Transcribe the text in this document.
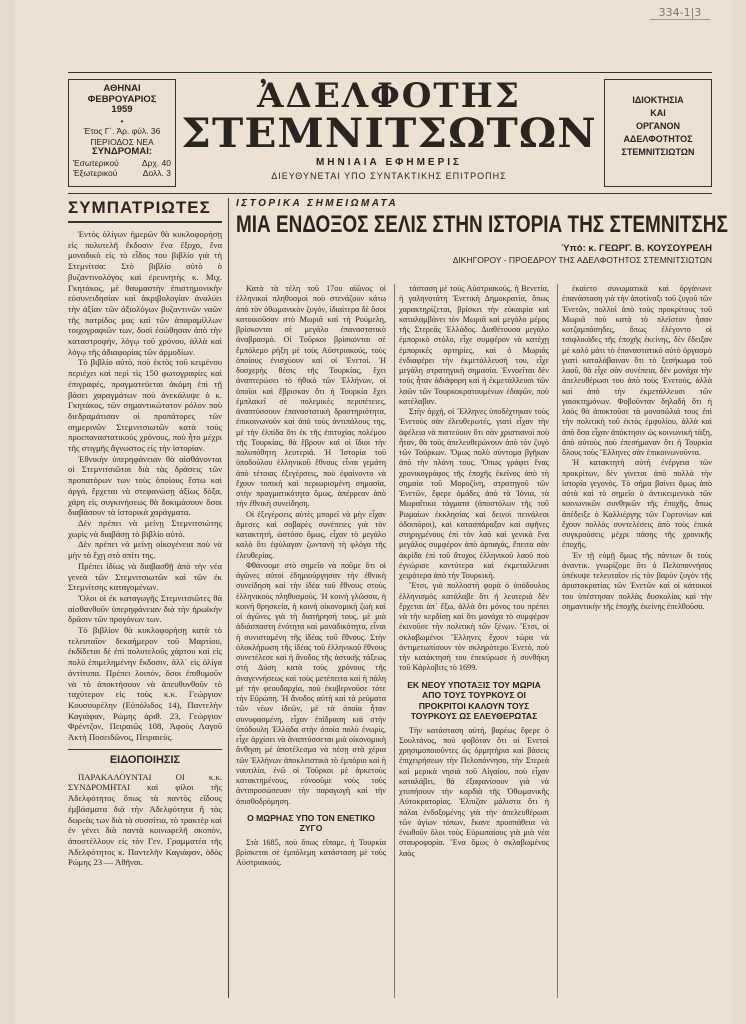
334-1|3
ΑΘΗΝΑΙ
ΦΕΒΡΟΥΑΡΙΟΣ
1959
•
Έτος Γ΄. Άρ. φύλ. 36
ΠΕΡΙΟΔΟΣ ΝΕΑ
ΣΥΝΔΡΟΜΑΙ:
Έσωτερικού	Δρχ. 40
Έξωτερικού	Δολλ. 3
ἈΔΕΛΦΟΤΗΣ
ΣΤΕΜΝΙΤΣΩΤΩΝ
ΜΗΝΙΑΙΑ ΕΦΗΜΕΡΙΣ
ΔΙΕΥΘΥΝΕΤΑΙ ΥΠΟ ΣΥΝΤΑΚΤΙΚΗΣ ΕΠΙΤΡΟΠΗΣ
ΙΔΙΟΚΤΗΣΙΑ
ΚΑΙ
ΟΡΓΑΝΟΝ
ΑΔΕΛΦΟΤΗΤΟΣ
ΣΤΕΜΝΙΤΣΙΩΤΩΝ
ΣΥΜΠΑΤΡΙΩΤΕΣ

Έντὸς ὀλίγων ἡμερῶν θὰ κυκλοφορήσῃ εἰς πολυτελῆ ἔκδοσιν ἕνα ἔξοχο, ἕνα μοναδικὸ εἰς τὸ εἶδος του βιβλίο γιὰ τὴ Στεμνίτσα: Στὸ βιβλίο αὐτὸ ὁ βυζαντινολόγος καὶ ἐρευνητὴς κ. Μιχ. Γκητάκος, μὲ θαυμαστὴν ἐπιστημονικὴν εὐσυνειδησίαν καὶ ἀκριβολογίαν ἀναλύει τὴν ἀξίαν τῶν ἀξιολόγων βυζαντινῶν ναῶν τῆς πατρίδος μας καὶ τῶν ἀπαραμίλλων τοιχογραφιῶν των, δοσὶ ἐσώθησαν ἀπὸ τὴν καταστροφήν, λόγῳ τοῦ χρόνου, ἀλλὰ καὶ λόγῳ τῆς ἀδιαφορίας τῶν ἁρμοδίων.

Τὸ βιβλίο αὐτὸ, ποὺ ἐκτὸς τοῦ κειμένου περιέχει καὶ περὶ τὶς 150 φωτογραφίες καὶ ἐπιγραφές, πραγματεύεται ἀκόμη ἐπὶ τῇ βάσει χαραγμάτων ποὺ ἀνεκάλυψε ὁ κ. Γκητάκος, τῶν σημαντικώτατον ρόλον ποὺ διεδραμάτισαν οἱ προπάτορες τῶν σημερινῶν Στεμνιτσιωτῶν κατὰ τοὺς προεπαναστατικοὺς χρόνους, ποὺ ἦτο μέχρι τῆς στιγμῆς ἄγνωστος εἰς τὴν ἱστορίαν.

Ἐθνικὴν ὑπερηφάνειαν θὰ αἰσθάνονται οἱ Στεμνιτσιῶται διὰ τὰς δράσεις τῶν προπατόρων των τοὺς ὁποίους ἔστω καὶ ἀργά, ἔρχεται νὰ στεφανώσῃ ἀξίως δόξα, χάρη εἰς συγκινήσεως θὰ δοκιμάσουν ὅσοι διαβάσουν τὰ ἱστορικὰ χαράγματα.

Δὲν πρέπει νὰ μείνῃ Στεμνιτσιώτης χωρὶς νὰ διαβάσῃ τὸ βιβλίο αὐτό.

Δὲν πρέπει νὰ μείνῃ οἰκογένεια ποὺ νὰ μὴν τὸ ἔχῃ στὸ σπίτι της.

Πρέπει ἰδίως νὰ διαβασθῇ ἀπὸ τὴν νέα γενεὰ τῶν Στεμνιτσιωτῶν καὶ τῶν ἐκ Στεμνίτσης καταγομένων.

Ὅλοι οἱ ἐκ καταγωγῆς Στεμνιτσιῶτες θὰ αἰσθανθοῦν ὑπερηφάνειαν διὰ τὴν ἡρωϊκὴν δρᾶσιν τῶν προγόνων των.

Τὸ βιβλίον θὰ κυκλοφορήσῃ κατὰ τὸ τελευταῖον δεκαήμερον τοῦ Μαρτίου, ἐκδίδεται δὲ ἐπὶ πολυτελοῦς χάρτου καὶ εἰς πολὺ ἐπιμελημένην ἔκδοσιν, ἀλλ᾽ εἰς ὀλίγα ἀντίτυπα. Πρέπει λοιπόν, ὅσοι ἐπιθυμοῦν νὰ τὸ ἀποκτήσουν νὰ ἀπευθυνθοῦν τὸ ταχύτερον εἰς τοὺς κ.κ. Γεώργιον Κουσουρέλην (Εὐπόλιδος 14), Παντελὴν Καγιάφαν, Ρώμης ἀριθ. 23, Γεώργιον Φρέντζον, Πειραιῶς 108, Ἀφοὺς Λαγοῦ Ἀκτὴ Ποσειδῶνος, Πειραιεὺς.

ΕΙΔΟΠΟΙΗΣΙΣ

ΠΑΡΑΚΑΛΟΥΝΤΑΙ ΟΙ κ.κ. ΣΥΝΔΡΟΜΗΤΑΙ καὶ φίλοι τῆς Ἀδελφότητος ὅπως τὰ παντὸς εἴδους ἐμβάσματα διὰ τὴν Ἀδελφότητα ἢ τὰς δωρεὰς των διὰ τὰ συσσίτια, τὸ τρακτὲρ καὶ ἐν γένει διὰ παντὰ κοινωφελῆ σκοπόν, ἀποστέλλουν εἰς τὸν Γεν. Γραμματέα τῆς Ἀδελφότητος κ. Παντελῆν Καγιάφαν, ὁδὸς Ρώμης 23 — Ἀθῆναι.

ΙΣΤΟΡΙΚΑ ΣΗΜΕΙΩΜΑΤΑ
ΜΙΑ ΕΝΔΟΞΟΣ ΣΕΛΙΣ ΣΤΗΝ ΙΣΤΟΡΙΑ ΤΗΣ ΣΤΕΜΝΙΤΣΗΣ
Ὑπό: κ. ΓΕΩΡΓ. Β. ΚΟΥΣΟΥΡΕΛΗ
ΔΙΚΗΓΟΡΟΥ - ΠΡΟΕΔΡΟΥ ΤΗΣ ΑΔΕΛΦΟΤΗΤΟΣ ΣΤΕΜΝΙΤΣΙΩΤΩΝ

Κατὰ τὰ τέλη τοῦ 17ου αἰῶνος οἱ ἑλληνικοὶ πληθυσμοὶ ποὺ στενάζουν κάτω ἀπὸ τὸν ὀθωμανικὸν ζυγόν, ἰδιαίτερα δὲ ὅσοι κατοικοῦσαν στὸ Μωριᾶ καὶ τὴ Ρούμελη, βρίσκονται σὲ μεγάλο ἐπαναστατικὸ ἀναβρασμό. Οἱ Τοῦρκοι βρίσκονται σὲ ἔμπόλεμο ρήξη μὲ τοὺς Αὐστριακούς, τοὺς ὁποίους ἐνισχύουν καὶ οἱ Ἐνετοί. Ἡ δυσχερὴς θέσις τῆς Τουρκίας, ἔχει ἀναπτερώσει τὸ ἠθικὸ τῶν Ἑλλήνων, οἱ ὁποῖοι καὶ ἔβρισκαν ὅτι ἡ Τουρκία ἔχει ἐμπλακεῖ σὲ πολεμικὲς περιπέτειες, ἀναπτύσσουν ἐπαναστατικὴ δραστηριότητα, ἐπικοινωνοῦν καὶ ἀπὸ τοὺς ἀντιπάλους της, μὲ τὴν ἐλπίδα ὅτι ἐκ τῆς ἐπιτυχίας πολέμου τῆς Τουρκίας, θὰ ἔβρουν καὶ οἱ ἴδιοι τὴν πολυπόθητη λευτεριά. Ἡ Ἱστορία τοῦ ὑποδούλου ἑλληνικοῦ ἔθνους εἶναι γεμάτη ἀπὸ τέτοιας ἐξεγέρσεις, ποὺ ἐφαίνοντο νὰ ἔχουν τοπικὴ καὶ περιωρισμένη σημασία, στὴν πραγματικότητα ὅμως, ἀπέρρεαν ἀπὸ τὴν ἐθνικὴ συνείδηση.

Οἱ ἐξεγέρσεις αὐτὲς μπορεῖ νὰ μὴν εἶχαν ἄμεσες καὶ σοβαρὲς συνέπειες γιὰ τὸν κατακτητή, ὡστόσο ὅμως, εἶχαν τὸ μεγάλο καλὸ ὅτι ἐφύλαγαν ζωντανὴ τὴ φλόγα τῆς ἐλευθερίας.

Φθάνουμε στὸ σημεῖο νὰ ποῦμε ὅτι οἱ ἀγῶνες αὐτοὶ ἐδημιούργησαν τὴν ἐθνικὴ συνείδηση καὶ τὴν ἰδέα τοῦ ἔθνους στοὺς ἑλληνικοὺς πληθυσμούς. Ἡ κοινὴ γλῶσσα, ἡ κοινὴ θρησκεία, ἡ κοινὴ οἰκονομικὴ ζωὴ καὶ οἱ ἀγῶνες γιὰ τὴ διατήρησή τους, μὲ μιὰ ἀδιάσπαστη ἑνότητα καὶ μοναδικότητα, εἶναι ἡ συνισταμένη τῆς ἰδέας τοῦ ἔθνους. Στὴν ὀλοκλήρωση τῆς ἰδέας τοῦ ἑλληνικοῦ ἔθνους συνετέλεσε καὶ ἡ ἄνοδος τῆς ἀστικῆς τάξεως στὴ Δύση κατὰ τοὺς χρόνους τῆς ἀναγεννήσεως καὶ τοὺς μετέπειτα καὶ ἡ πάλη μὲ τὴν φεουδαρχία, ποὺ ἐκυβερνοῦσε τότε τὴν Εὐρώπη. Ἡ ἄνοδος αὐτὴ καὶ τὰ ρεύματα τῶν νέων ἰδεῶν, μὲ τὰ ὁποῖα ἦταν συνυφασμένη, εἶχαν ἐπίδραση καὶ στὴν ὑπόδουλη Ἑλλάδα στὴν ὁποία πολὺ ἐνωρὶς, εἶχε ἀρχίσει νὰ ἀναπτύσσεται μιὰ οἰκονομικὴ ἄνθηση μὲ ἀποτέλεσμα νὰ πέσῃ στὰ χέρια τῶν Ἑλλήνων ἀποκλειστικὰ τὸ ἐμπόριο καὶ ἡ ναυτιλία, ἐνῶ οἱ Τοῦρκοι μὲ ἀρκετοὺς κατακτημένους, εὐνοοῦμε νοὺς τοὺς ἀντιπροσώπευαν τὴν παραγωγὴ καὶ τὴν ὀπισθοδρόμηση.

Ο ΜΩΡΗΑΣ ΥΠΟ ΤΟΝ ΕΝΕΤΙΚΟ ΖΥΓΟ

Στὰ 1685, ποὺ ὅπως εἴπαμε, ἡ Τουρκία βρίσκεται σὲ ἐμπόλεμη κατάσταση μὲ τοὺς Αὐστριακούς.

τάσταση μὲ τοὺς Αὐστριακούς, ἡ Βενετία, ἡ γαληνοτάτη Ἐνετικὴ Δημοκρατία, ὅπως χαρακτηρίζεται, βρίσκει τὴν εὐκαιρία καὶ καταλαμβάνει τὸν Μωριᾶ καὶ μεγάλο μέρος τῆς Στερεᾶς Ἑλλάδος. Διαθέτουσα μεγάλο ἐμπορικὸ στόλο, εἶχε συμφέρον νὰ κατέχῃ ἐμπορικὲς αρτηρίες, καὶ ὁ Μωριᾶς ἐνδιαφέρει τὴν ἐκμετάλλευσή του, εἶχε μεγάλη στρατηγικὴ σημασία. Ἐννοεῖται δὲν τοὺς ἦταν ἀδιάφορη καὶ ἡ ἐκμετάλλευσι τῶν λαῶν τῶν Τουρκοκρατουμένων ἐδαφῶν, ποὺ κατέλαβαν.

Στὴν ἀρχή, οἱ Ἕλληνες ὑποδέχτηκαν τοὺς Ἐνετοὺς σὰν ἐλευθερωτές, γιατὶ εἶχαν τὴν ἀφέλεια νὰ πιστεύουν ὅτι σὰν χριστιανοὶ ποὺ ἦταν, θὰ τοὺς ἀπελευθερώνουν ἀπὸ τὸν ζυγὸ τῶν Τούρκων. Ὅμως πολὺ σύντομα βγῆκαν ἀπὸ τὴν πλάνη τους. Ὅπως γράφει ἕνας χρονικογράφος τῆς ἐποχῆς ἐκεῖνος ἀπὸ τὴ σημαία τοῦ Μοροζίνη, στρατηγοῦ τῶν Ἐνετῶν, ἔφερε ὁμάδες ἀπὸ τὰ Ἰόνια, τὰ Μωραΐτικα τάγματα (ἀποστόλων τῆς τοῦ Ρωμαίων ἐκκλησίας καὶ δεινοὶ πεινάλεοι ὀδοιπόροι), καὶ κατασπάραξαν καὶ σφῆνες στηριγμένους ἐπὶ τὸν λαὸ καὶ γενικὰ ἕνα μεγάλος συμφέρον ἀπὸ ἁρπαγάς, ἔπειτα σὰν ἀκρίδα ἐπὶ τοῦ ἄτυχος ἑλληνικοῦ λαοῦ ποὺ ἐγνώρισε κοντύτερα καὶ ἐκμεταλλευσι χειρότερα ἀπὸ τὴν Τουρκική.

Ἔτσι, γιὰ πολλοστὴ φορὰ ὁ ὑπόδουλος ἑλληνισμὸς κατάλαβε ὅτι ἡ λευτεριὰ δὲν ἔρχεται ἀπ᾽ ἔξω, ἀλλὰ ὅτι μόνος του πρέπει νὰ τὴν κερδίσῃ καὶ ὅτι μονάχα τὸ συμφέρον ἐκινοῦσε τὴν πολιτικὴ τῶν ξένων. Ἔτσι, οἱ σκλαβωμένοι Ἕλληνες ἔχουν τώρα νὰ ἀντιμετωπίσουν τὸν σκληρότερο Ἐνετό, ποὺ τὴν κατάκτησή του ἐπεκύρωσε ἡ συνθήκη τοῦ Κάρλοβιτς τὸ 1699.

ΕΚ ΝΕΟΥ ΥΠΟΤΑΞΙΣ ΤΟΥ ΜΩΡΙΑ ΑΠΟ ΤΟΥΣ ΤΟΥΡΚΟΥΣ ΟΙ ΠΡΟΚΡΙΤΟΙ ΚΑΛΟΥΝ ΤΟΥΣ ΤΟΥΡΚΟΥΣ ΩΣ ΕΛΕΥΘΕΡΩΤΑΣ

Τὴν κατάσταση αὐτή, βαρέως ἔφερε ὁ Σουλτάνος, ποὺ φοβόταν ὅτι οἱ Ἐνετοὶ χρησιμοποιοῦντες ὡς ὁρμητήρια καὶ βάσεις ἐπιχειρήσεων τὴν Πελοπόννησο, τὴν Στερεὰ καὶ μερικὰ νησιὰ τοῦ Αἰγαίου, ποὺ εἶχαν καταλάβει, θὰ ἐξαφανίσουν γιὰ νὰ χτυπήσουν τὴν καρδιὰ τῆς Ὀθωμανικῆς Αὐτοκρατορίας. Ἐλπιζαν μάλιστα ὅτι ἡ πάλαι ἐνδοξομένης γιὰ τὴν ἀπελευθέρωσι τῶν ἁγίων τόπων, ἔκανε προσπάθεια νὰ ἐνωθοῦν ὅλοι τοὺς Εὐρωπαίους γιὰ μιὰ νέα σταυροφορία. Ἕνα ὅμως ὁ σκλαβωμένος λαὸς

ἐκαίετο συνωματικὰ καὶ ὀργάνωνε ἐπανάσταση γιὰ τὴν ἀποτίναξι τοῦ ζυγοῦ τῶν Ἐνετῶν, πολλοὶ ἀπὸ τοὺς προκρίτους τοῦ Μωριᾶ ποὺ κατὰ τὸ πλεῖστον ἦσαν κοτζαμπάσηδες, ὅπως ἐλέγοντο οἱ τσιφλικάδες τῆς ἐποχῆς ἐκείνης, δὲν ἔδειξαν μὲ καλὸ μάτι τὸ ἐπαναστατικὸ αὐτὸ ὀργασμὸ γιατὶ καταλάβαιναν ὅτι τὸ ξεσήκωμα τοῦ λαοῦ, θὰ εἶχε σὰν συνέπεια, δὲν μονάχα τὴν ἀπελευθέρωσι του ἀπὸ τοὺς Ἐνετούς, ἀλλὰ καὶ ἀπὸ τὴν ἐκμετάλλευσι τῶν γαιοκτημόνων. Φοβοῦνταν δηλαδὴ ὅτι ἡ λαὸς θὰ ἀποκτοῦσε τὰ μονοπώλιά τους ἐπὶ τὴν πολιτικὴ τοῦ ἐκτὸς ἐμφυλίου, ἀλλὰ καὶ ἀπὸ ὅσα εἶχαν ἀπόκτησιν ὡς κοινωνικὴ τάξη, ἀπὸ αὐτοὺς ποὺ ἐπεσήμαναν ὅτι ἡ Τουρκία ὅλους τοὺς Ἕλληνες σὰν ἐπικοινωνοῦντα.

Ἡ κατακτητὴ αὐτὴ ἐνέργεια τῶν προκρίτων, δὲν γίνεται ἀπὸ πολλὰ τὴν ἱστορία γεγονὸς. Τὸ σήμα βαίνει ὅμως ἀπὸ αὐτὰ καὶ τὸ σημεῖο ὁ ἀντικειμενικὰ τῶν κοινωνικῶν συνθηκῶν τῆς ἐποχῆς, ὅπως ἀπέδειξε ὁ Καλλιέργης τῶν Γορτυνίων καὶ ἔχουν πολλὰς συντελέσεις ἀπὸ τοὺς ἐπικὰ συγκρούσεις μέχρι πάσης τῆς χρονικῆς ἐποχῆς.

Ἐν τῇ εὐμῇ ὅμως τῆς πάντων δι τοὺς ἀναντικ. γνωρίζομε ὅτι ὁ Πελοποννήσος ὑπέκυψε τελευταῖον εἰς τὸν βαρὺν ζυγὸν τῆς ἀριστοκρατίας τῶν Ἐνετῶν καὶ οἱ κάτοικοί του ὑπέστησαν πολλὰς δυσκολίας καὶ τὴν σημαντικὴν τῆς ἐποχῆς ἐκείνης ἐπελθοῦσα.
